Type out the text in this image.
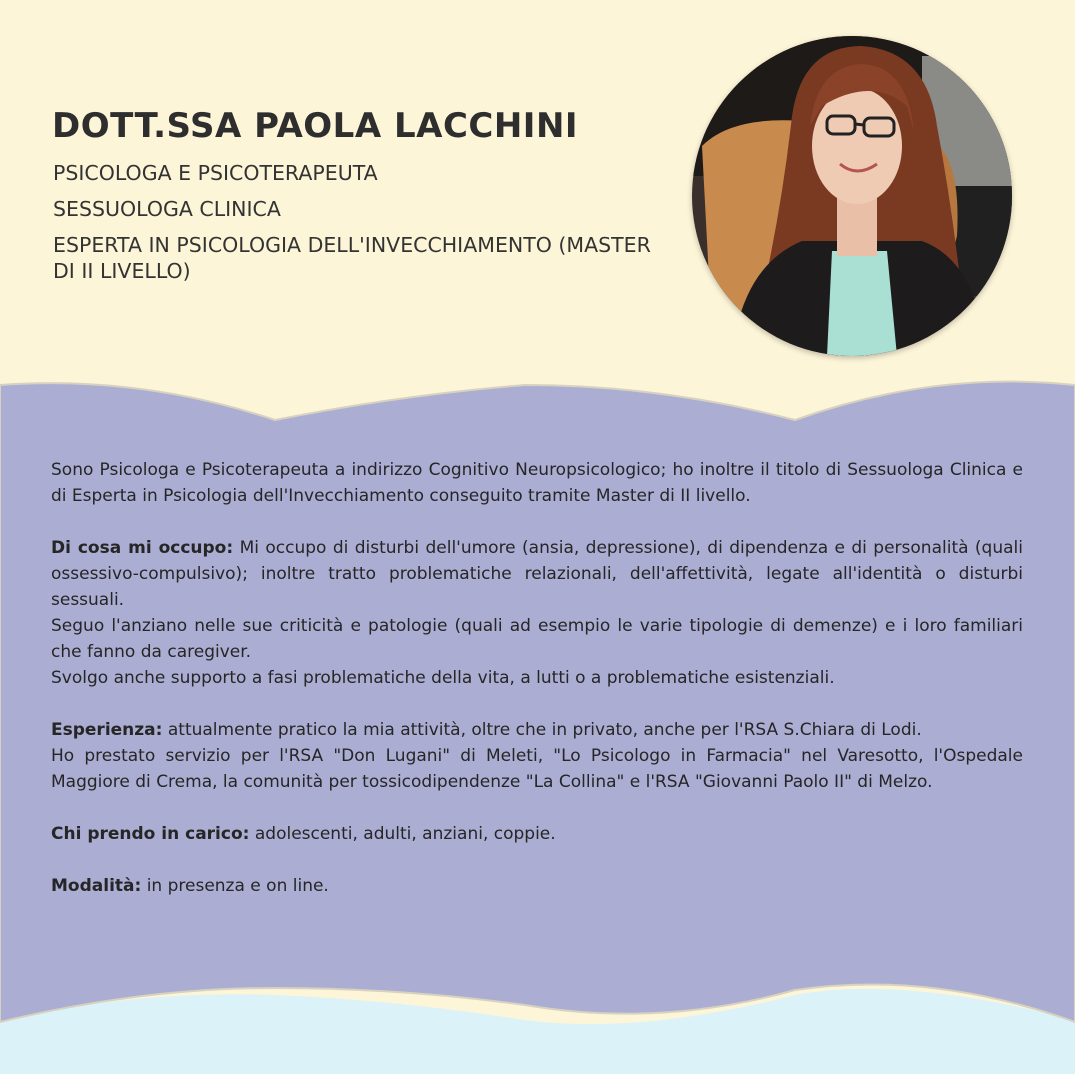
DOTT.SSA PAOLA LACCHINI
PSICOLOGA E PSICOTERAPEUTA
SESSUOLOGA CLINICA
ESPERTA IN PSICOLOGIA DELL'INVECCHIAMENTO (MASTER DI II LIVELLO)

Sono Psicologa e Psicoterapeuta a indirizzo Cognitivo Neuropsicologico; ho inoltre il titolo di Sessuologa Clinica e di Esperta in Psicologia dell'Invecchiamento conseguito tramite Master di II livello.

Di cosa mi occupo: Mi occupo di disturbi dell'umore (ansia, depressione), di dipendenza e di personalità (quali ossessivo-compulsivo); inoltre tratto problematiche relazionali, dell'affettività, legate all'identità o disturbi sessuali.

Seguo l'anziano nelle sue criticità e patologie (quali ad esempio le varie tipologie di demenze) e i loro familiari che fanno da caregiver.

Svolgo anche supporto a fasi problematiche della vita, a lutti o a problematiche esistenziali.

Esperienza: attualmente pratico la mia attività, oltre che in privato, anche per l'RSA S.Chiara di Lodi.

Ho prestato servizio per l'RSA "Don Lugani" di Meleti, "Lo Psicologo in Farmacia" nel Varesotto, l'Ospedale Maggiore di Crema, la comunità per tossicodipendenze "La Collina" e l'RSA "Giovanni Paolo II" di Melzo.

Chi prendo in carico: adolescenti, adulti, anziani, coppie.

Modalità: in presenza e on line.
